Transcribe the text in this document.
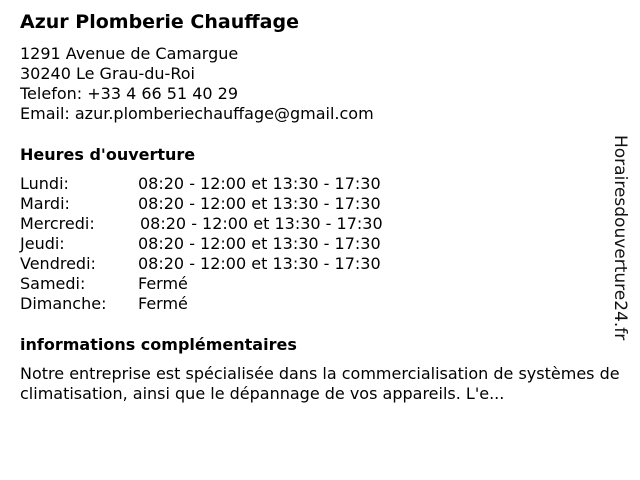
Azur Plomberie Chauffage
1291 Avenue de Camargue
30240 Le Grau-du-Roi
Telefon: +33 4 66 51 40 29
Email: azur.plomberiechauffage@gmail.com
Heures d'ouverture
Lundi:	08:20 - 12:00 et 13:30 - 17:30
Mardi:	08:20 - 12:00 et 13:30 - 17:30
Mercredi:	08:20 - 12:00 et 13:30 - 17:30
Jeudi:	08:20 - 12:00 et 13:30 - 17:30
Vendredi:	08:20 - 12:00 et 13:30 - 17:30
Samedi:	Fermé
Dimanche: Fermé
informations complémentaires
Notre entreprise est spécialisée dans la commercialisation de systèmes de climatisation, ainsi que le dépannage de vos appareils. L'e...
Horairesdouverture24.fr
